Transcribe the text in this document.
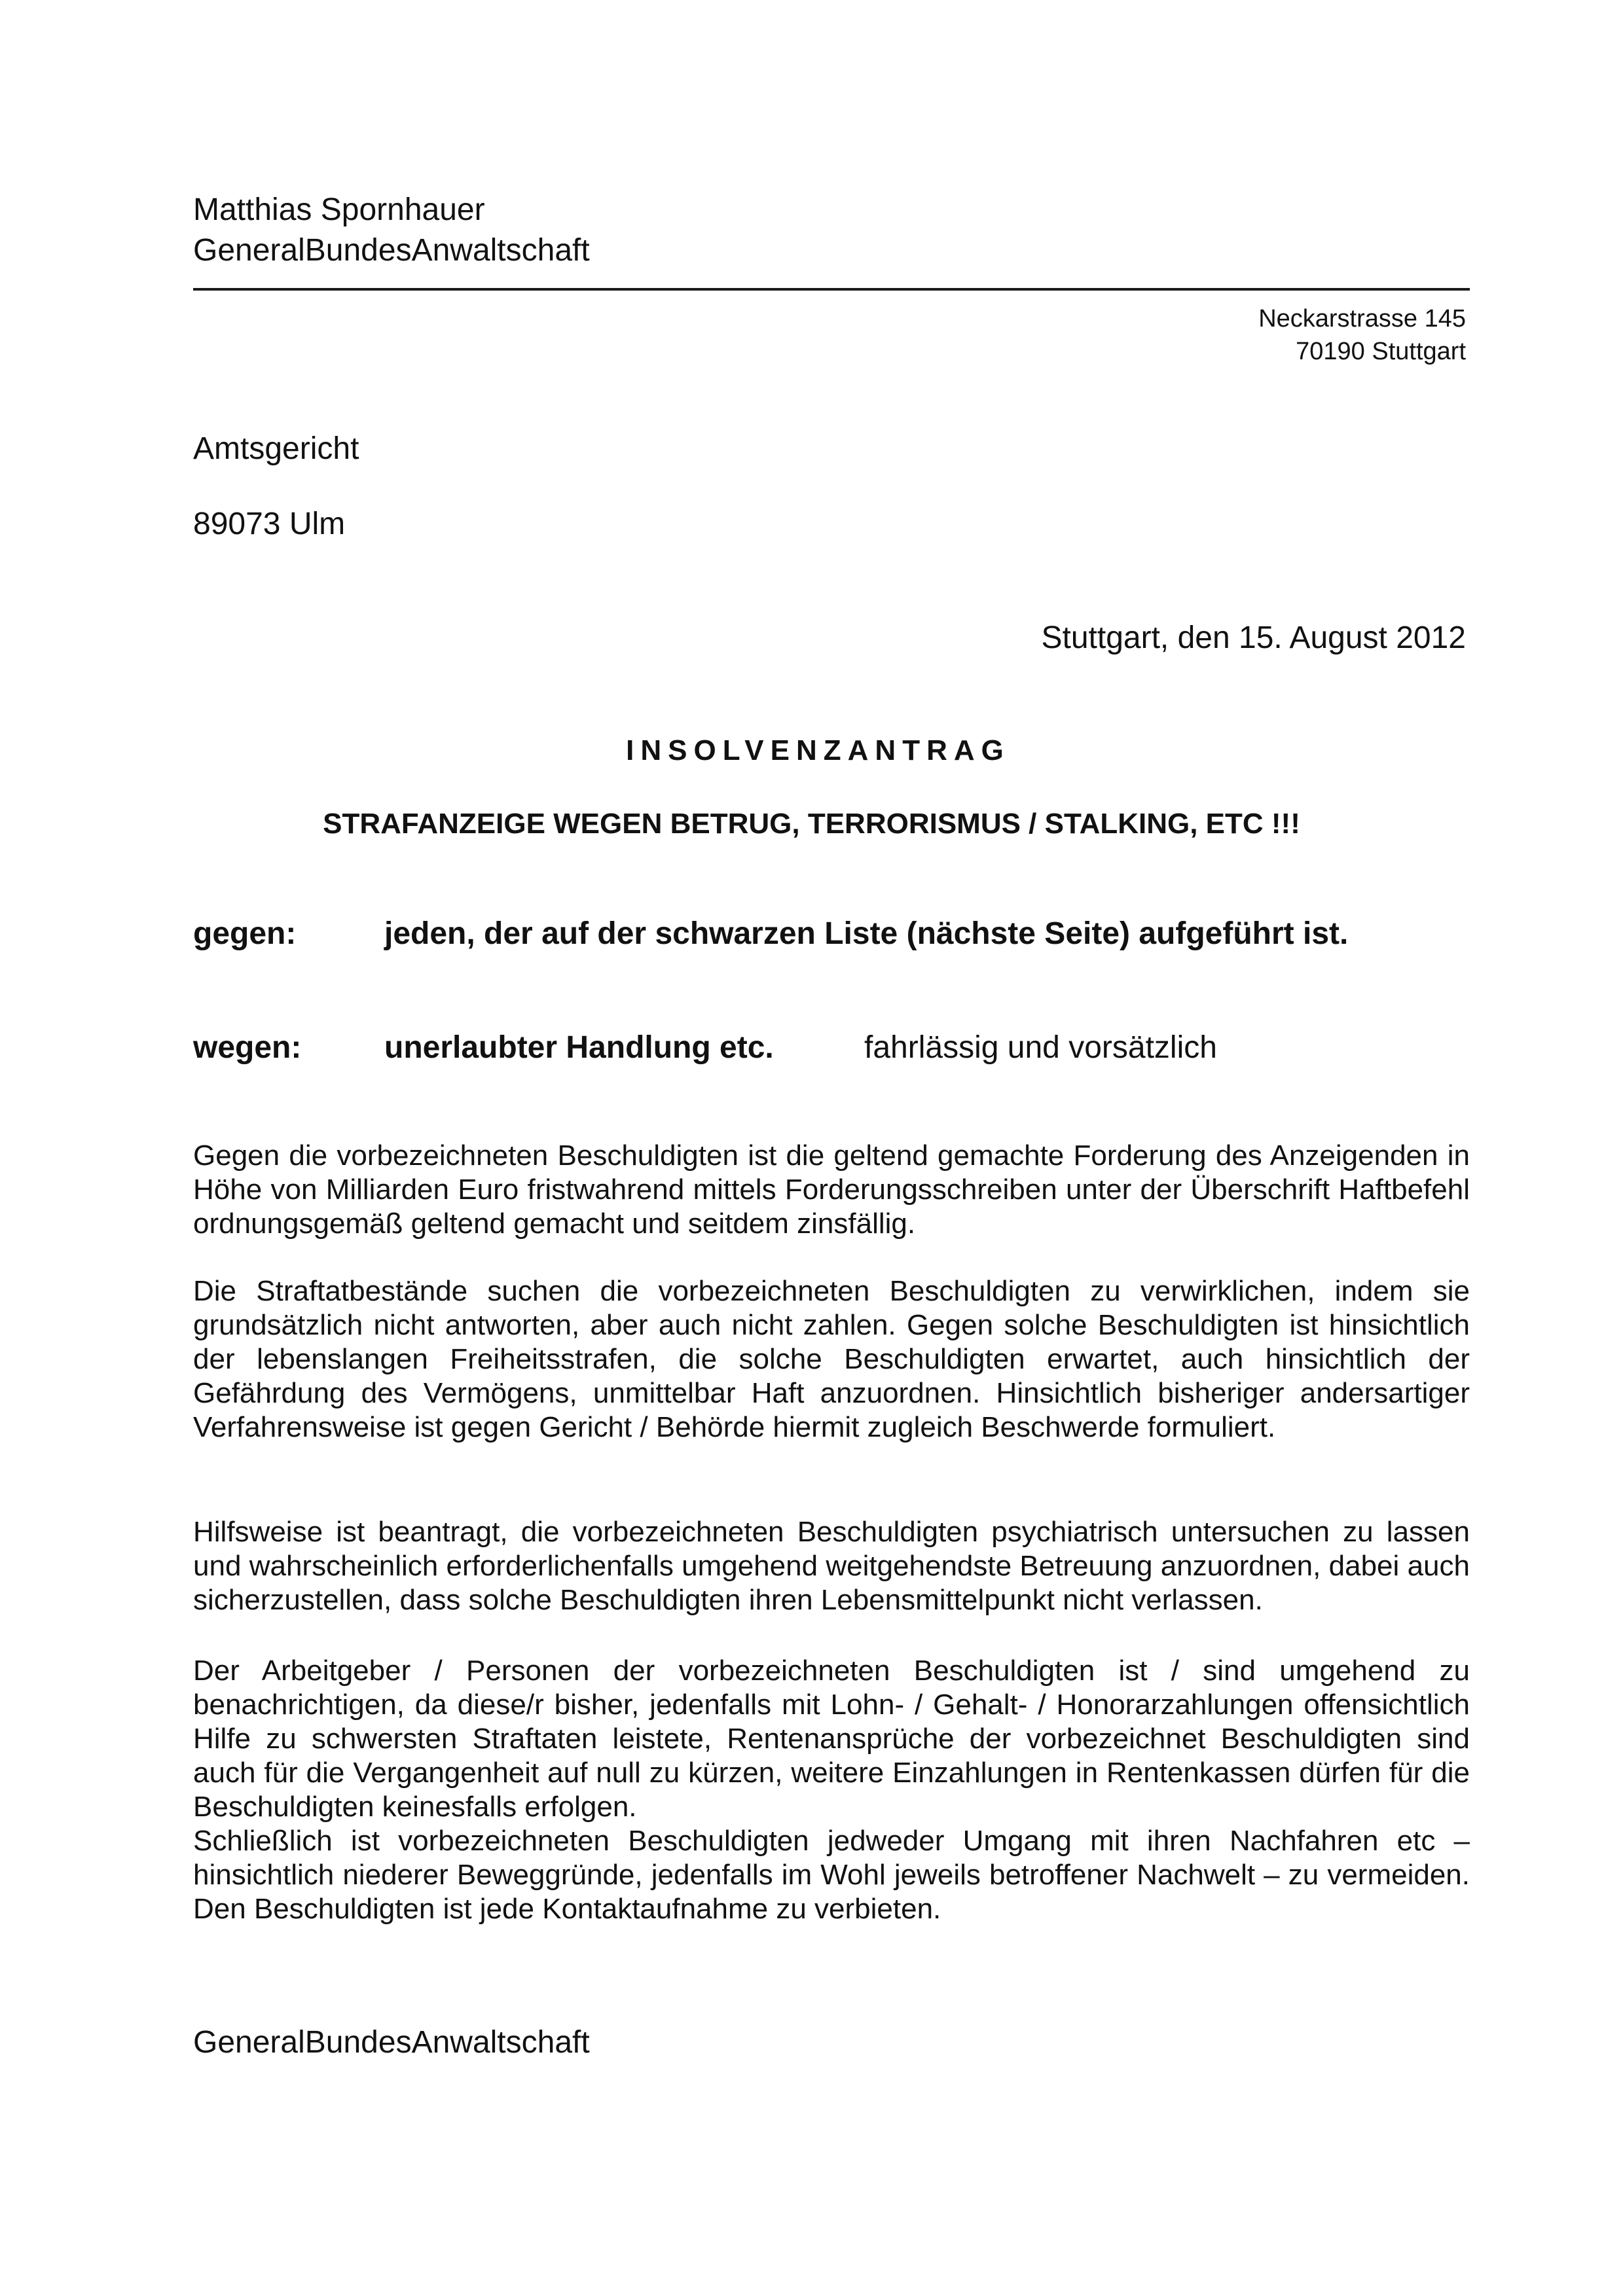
Matthias Spornhauer
GeneralBundesAnwaltschaft
Neckarstrasse 145
70190 Stuttgart
Amtsgericht
89073 Ulm
Stuttgart, den 15. August 2012
INSOLVENZANTRAG
STRAFANZEIGE WEGEN BETRUG, TERRORISMUS / STALKING, ETC !!!
gegen:	jeden, der auf der schwarzen Liste (nächste Seite) aufgeführt ist.
wegen:	unerlaubter Handlung etc.	fahrlässig und vorsätzlich
Gegen die vorbezeichneten Beschuldigten ist die geltend gemachte Forderung des Anzeigenden in Höhe von Milliarden Euro fristwahrend mittels Forderungsschreiben unter der Überschrift Haftbefehl ordnungsgemäß geltend gemacht und seitdem zinsfällig.
Die Straftatbestände suchen die vorbezeichneten Beschuldigten zu verwirklichen, indem sie grundsätzlich nicht antworten, aber auch nicht zahlen. Gegen solche Beschuldigten ist hinsichtlich der lebenslangen Freiheitsstrafen, die solche Beschuldigten erwartet, auch hinsichtlich der Gefährdung des Vermögens, unmittelbar Haft anzuordnen. Hinsichtlich bisheriger andersartiger Verfahrensweise ist gegen Gericht / Behörde hiermit zugleich Beschwerde formuliert.
Hilfsweise ist beantragt, die vorbezeichneten Beschuldigten psychiatrisch untersuchen zu lassen und wahrscheinlich erforderlichenfalls umgehend weitgehendste Betreuung anzuordnen, dabei auch sicherzustellen, dass solche Beschuldigten ihren Lebensmittelpunkt nicht verlassen.
Der Arbeitgeber / Personen der vorbezeichneten Beschuldigten ist / sind umgehend zu benachrichtigen, da diese/r bisher, jedenfalls mit Lohn- / Gehalt- / Honorarzahlungen offensichtlich Hilfe zu schwersten Straftaten leistete, Rentenansprüche der vorbezeichnet Beschuldigten sind auch für die Vergangenheit auf null zu kürzen, weitere Einzahlungen in Rentenkassen dürfen für die Beschuldigten keinesfalls erfolgen.
Schließlich ist vorbezeichneten Beschuldigten jedweder Umgang mit ihren Nachfahren etc – hinsichtlich niederer Beweggründe, jedenfalls im Wohl jeweils betroffener Nachwelt – zu vermeiden. Den Beschuldigten ist jede Kontaktaufnahme zu verbieten.
GeneralBundesAnwaltschaft
